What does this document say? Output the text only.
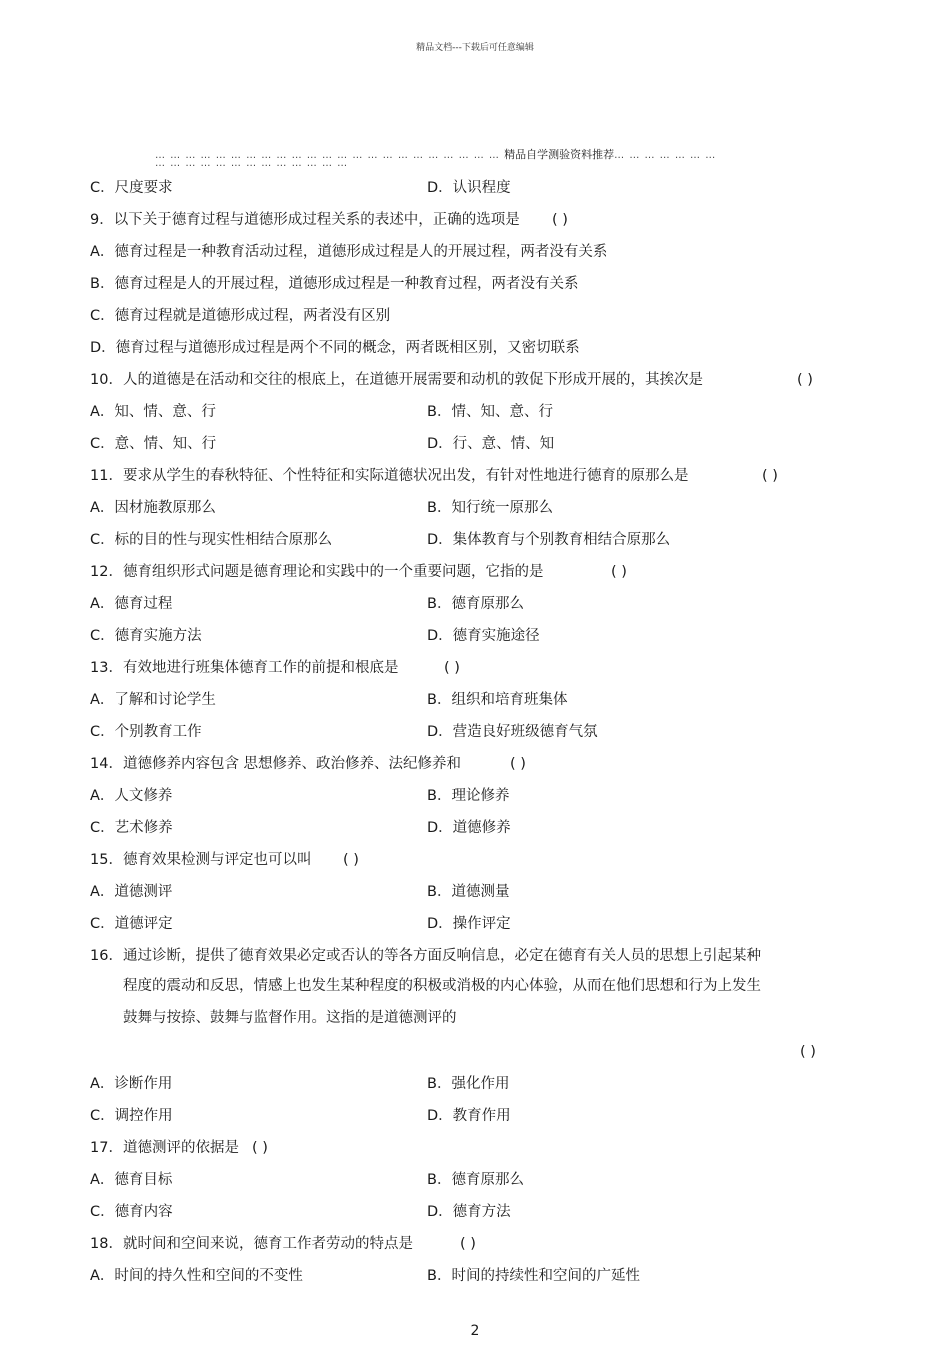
精品文档---下载后可任意编辑
… … … … … … … … … … … … … … … … … … … … … … … 精品自学测验资料推荐… … … … … … …
… … … … … … … … … … … … …
C．尺度要求	D．认识程度
9．以下关于德育过程与道德形成过程关系的表述中，正确的选项是 ( )
A．德育过程是一种教育活动过程，道德形成过程是人的开展过程，两者没有关系
B．德育过程是人的开展过程，道德形成过程是一种教育过程，两者没有关系
C．德育过程就是道德形成过程，两者没有区别
D．德育过程与道德形成过程是两个不同的概念，两者既相区别，又密切联系
10．人的道德是在活动和交往的根底上，在道德开展需要和动机的敦促下形成开展的，其挨次是	( )
A．知、情、意、行	B．情、知、意、行
C．意、情、知、行	D．行、意、情、知
11．要求从学生的春秋特征、个性特征和实际道德状况出发，有针对性地进行德育的原那么是	( )
A．因材施教原那么	B．知行统一原那么
C．标的目的性与现实性相结合原那么	D．集体教育与个别教育相结合原那么
12．德育组织形式问题是德育理论和实践中的一个重要问题，它指的是	( )
A．德育过程	B．德育原那么
C．德育实施方法	D．德育实施途径
13．有效地进行班集体德育工作的前提和根底是	( )
A．了解和讨论学生	B．组织和培育班集体
C．个别教育工作	D．营造良好班级德育气氛
14．道德修养内容包含 思想修养、政治修养、法纪修养和	( )
A．人文修养	B．理论修养
C．艺术修养	D．道德修养
15．德育效果检测与评定也可以叫 ( )
A．道德测评	B．道德测量
C．道德评定	D．操作评定
16．通过诊断，提供了德育效果必定或否认的等各方面反响信息，必定在德育有关人员的思想上引起某种
程度的震动和反思，情感上也发生某种程度的积极或消极的内心体验，从而在他们思想和行为上发生
鼓舞与按捺、鼓舞与监督作用。这指的是道德测评的
( )
A．诊断作用	B．强化作用
C．调控作用	D．教育作用
17．道德测评的依据是 ( )
A．德育目标	B．德育原那么
C．德育内容	D．德育方法
18．就时间和空间来说，德育工作者劳动的特点是	( )
A．时间的持久性和空间的不变性	B．时间的持续性和空间的广延性
2
